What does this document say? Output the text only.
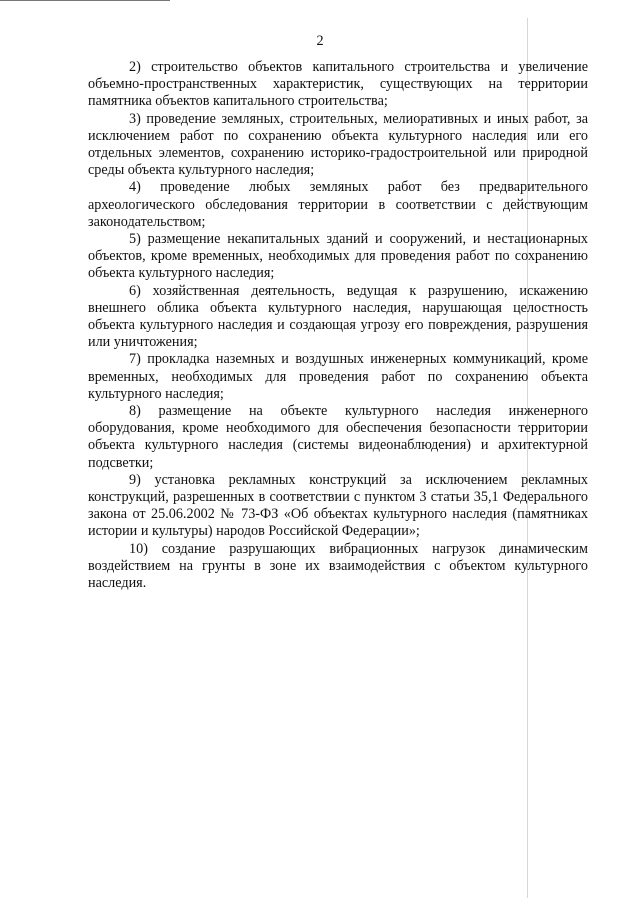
2

2) строительство объектов капитального строительства и увеличение объемно-пространственных характеристик, существующих на территории памятника объектов капитального строительства;

3) проведение земляных, строительных, мелиоративных и иных работ, за исключением работ по сохранению объекта культурного наследия или его отдельных элементов, сохранению историко-градостроительной или природной среды объекта культурного наследия;

4) проведение любых земляных работ без предварительного археологического обследования территории в соответствии с действующим законодательством;

5) размещение некапитальных зданий и сооружений, и нестационарных объектов, кроме временных, необходимых для проведения работ по сохранению объекта культурного наследия;

6) хозяйственная деятельность, ведущая к разрушению, искажению внешнего облика объекта культурного наследия, нарушающая целостность объекта культурного наследия и создающая угрозу его повреждения, разрушения или уничтожения;

7) прокладка наземных и воздушных инженерных коммуникаций, кроме временных, необходимых для проведения работ по сохранению объекта культурного наследия;

8) размещение на объекте культурного наследия инженерного оборудования, кроме необходимого для обеспечения безопасности территории объекта культурного наследия (системы видеонаблюдения) и архитектурной подсветки;

9) установка рекламных конструкций за исключением рекламных конструкций, разрешенных в соответствии с пунктом 3 статьи 35,1 Федерального закона от 25.06.2002 № 73-ФЗ «Об объектах культурного наследия (памятниках истории и культуры) народов Российской Федерации»;

10) создание разрушающих вибрационных нагрузок динамическим воздействием на грунты в зоне их взаимодействия с объектом культурного наследия.
